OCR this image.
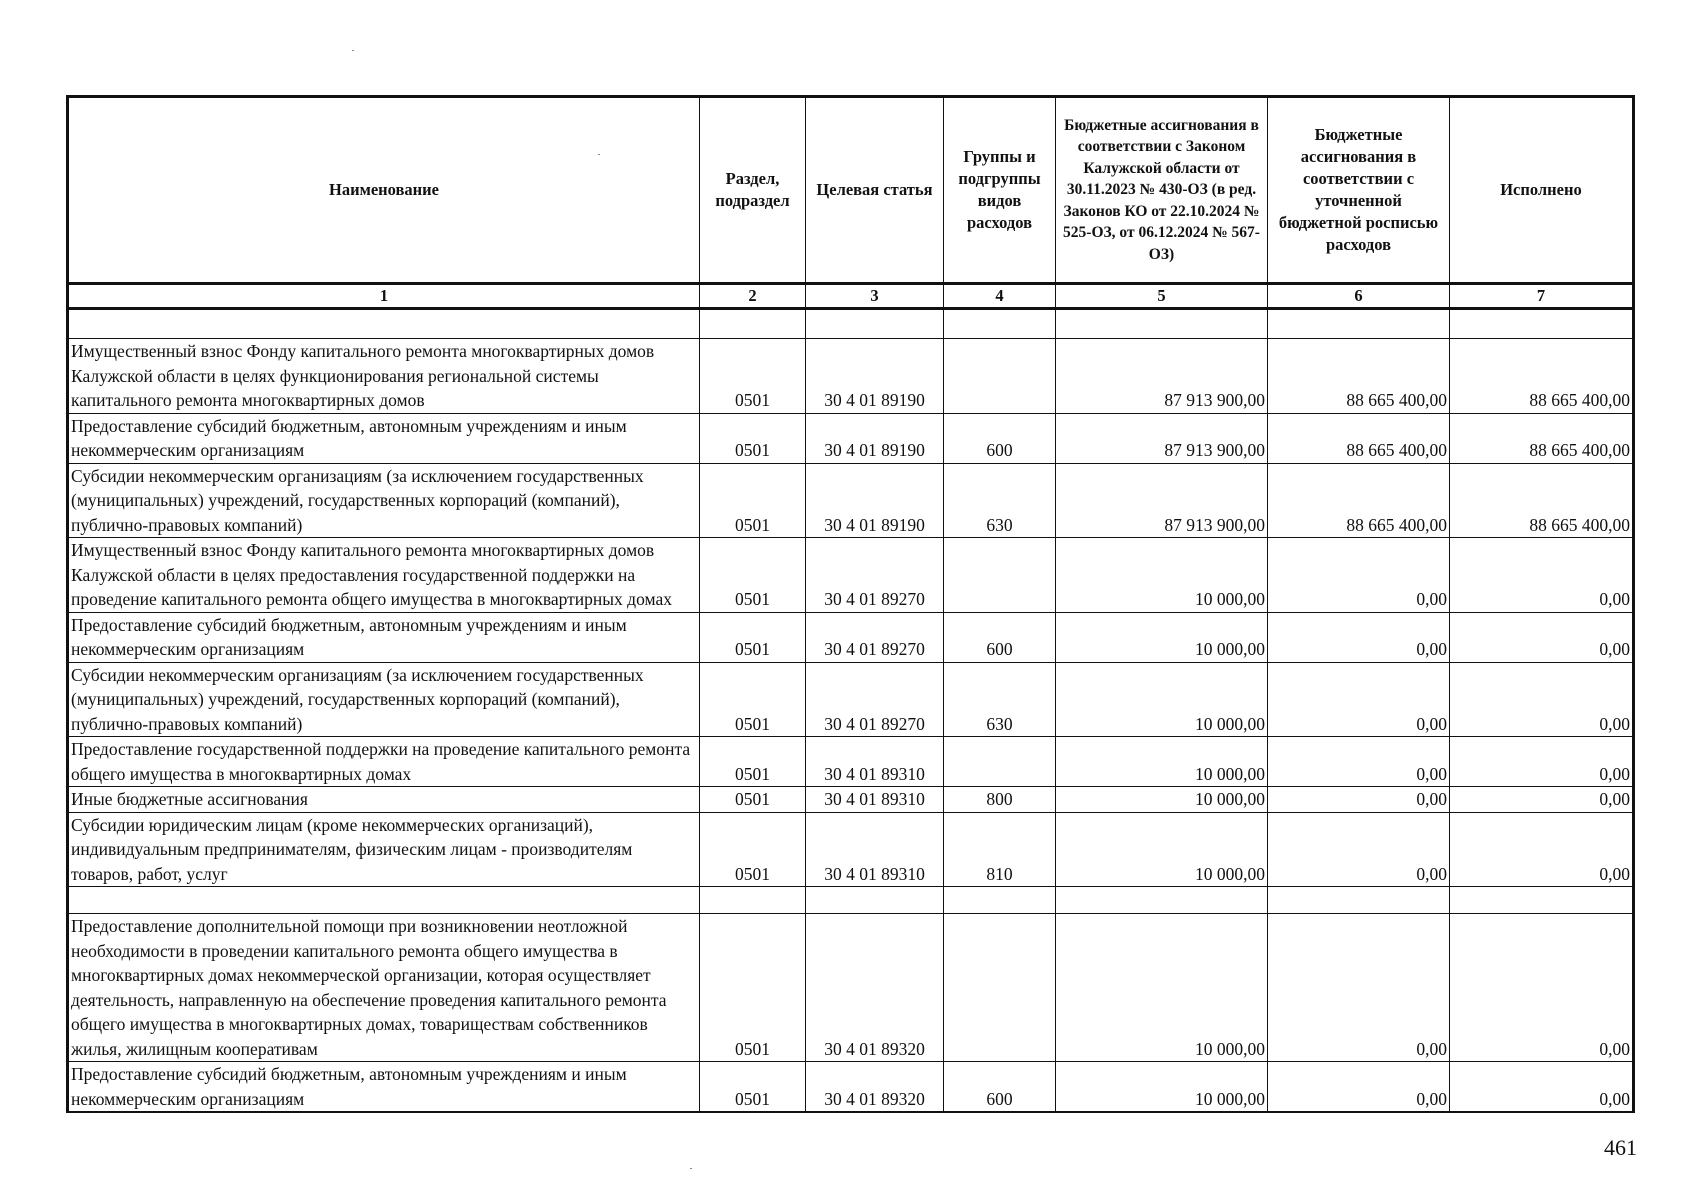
Наименование	Раздел, подраздел	Целевая статья	Группы и подгруппы видов расходов	Бюджетные ассигнования в соответствии с Законом Калужской области от 30.11.2023 № 430-ОЗ (в ред. Законов КО от 22.10.2024 № 525-ОЗ, от 06.12.2024 № 567-ОЗ)	Бюджетные ассигнования в соответствии с уточненной бюджетной росписью расходов	Исполнено
1	2	3	4	5	6	7

Имущественный взнос Фонду капитального ремонта многоквартирных домов Калужской области в целях функционирования региональной системы капитального ремонта многоквартирных домов	0501	30 4 01 89190		87 913 900,00	88 665 400,00	88 665 400,00
Предоставление субсидий бюджетным, автономным учреждениям и иным некоммерческим организациям	0501	30 4 01 89190	600	87 913 900,00	88 665 400,00	88 665 400,00
Субсидии некоммерческим организациям (за исключением государственных (муниципальных) учреждений, государственных корпораций (компаний), публично-правовых компаний)	0501	30 4 01 89190	630	87 913 900,00	88 665 400,00	88 665 400,00
Имущественный взнос Фонду капитального ремонта многоквартирных домов Калужской области в целях предоставления государственной поддержки на проведение капитального ремонта общего имущества в многоквартирных домах	0501	30 4 01 89270		10 000,00	0,00	0,00
Предоставление субсидий бюджетным, автономным учреждениям и иным некоммерческим организациям	0501	30 4 01 89270	600	10 000,00	0,00	0,00
Субсидии некоммерческим организациям (за исключением государственных (муниципальных) учреждений, государственных корпораций (компаний), публично-правовых компаний)	0501	30 4 01 89270	630	10 000,00	0,00	0,00
Предоставление государственной поддержки на проведение капитального ремонта общего имущества в многоквартирных домах	0501	30 4 01 89310		10 000,00	0,00	0,00
Иные бюджетные ассигнования	0501	30 4 01 89310	800	10 000,00	0,00	0,00
Субсидии юридическим лицам (кроме некоммерческих организаций), индивидуальным предпринимателям, физическим лицам - производителям товаров, работ, услуг	0501	30 4 01 89310	810	10 000,00	0,00	0,00

Предоставление дополнительной помощи при возникновении неотложной необходимости в проведении капитального ремонта общего имущества в многоквартирных домах некоммерческой организации, которая осуществляет деятельность, направленную на обеспечение проведения капитального ремонта общего имущества в многоквартирных домах, товариществам собственников жилья, жилищным кооперативам	0501	30 4 01 89320		10 000,00	0,00	0,00
Предоставление субсидий бюджетным, автономным учреждениям и иным некоммерческим организациям	0501	30 4 01 89320	600	10 000,00	0,00	0,00
461
